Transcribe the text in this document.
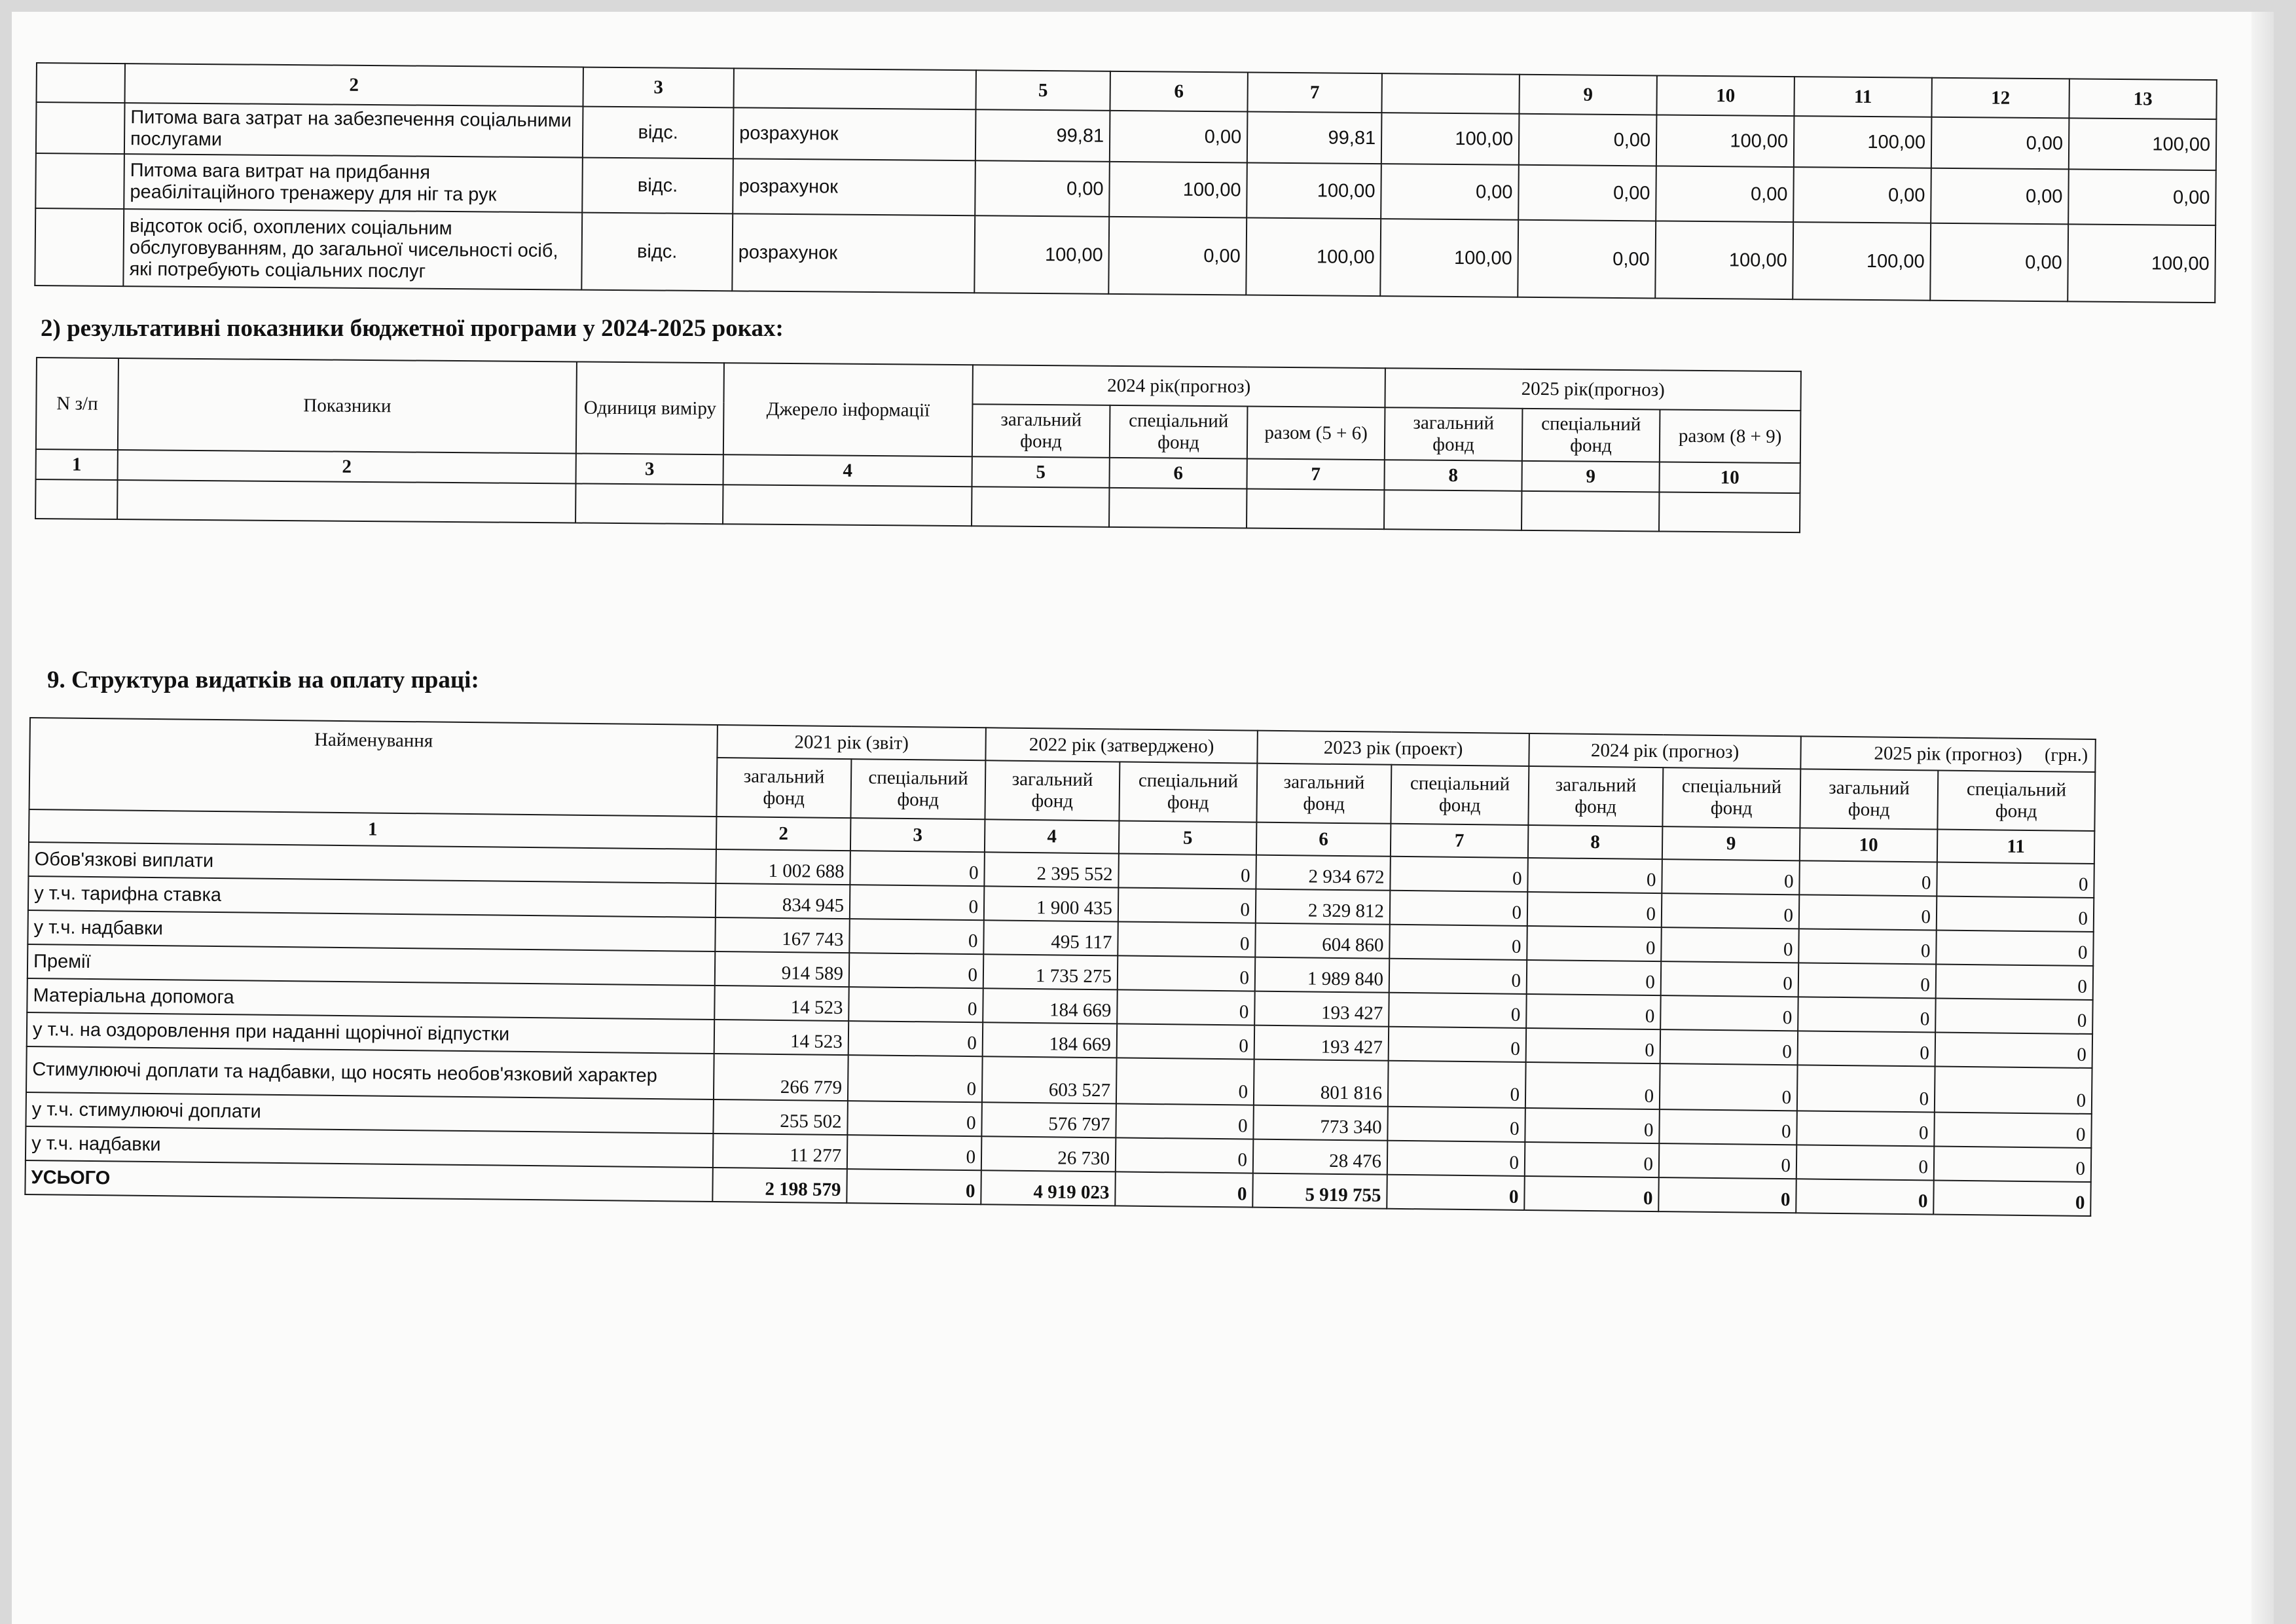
	2	3		5	6	7		9	10	11	12	13
	Питома вага затрат на забезпечення соціальними послугами	відс.	розрахунок	99,81	0,00	99,81	100,00	0,00	100,00	100,00	0,00	100,00
	Питома вага витрат на придбання реабілітаційного тренажеру для ніг та рук	відс.	розрахунок	0,00	100,00	100,00	0,00	0,00	0,00	0,00	0,00	0,00
	відсоток осіб, охоплених соціальним обслуговуванням, до загальної чисельності осіб, які потребують соціальних послуг	відс.	розрахунок	100,00	0,00	100,00	100,00	0,00	100,00	100,00	0,00	100,00
2) результативні показники бюджетної програми у 2024-2025 роках:
N з/п	Показники	Одиниця виміру	Джерело інформації	2024 рік(прогноз)			2025 рік(прогноз)		
				загальний фонд	спеціальний фонд	разом (5 + 6)	загальний фонд	спеціальний фонд	разом (8 + 9)
1	2	3	4	5	6	7	8	9	10

9. Структура видатків на оплату праці:
(грн.)
Найменування	2021 рік (звіт)		2022 рік (затверджено)		2023 рік (проект)		2024 рік (прогноз)		2025 рік (прогноз)	
	загальний фонд	спеціальний фонд	загальний фонд	спеціальний фонд	загальний фонд	спеціальний фонд	загальний фонд	спеціальний фонд	загальний фонд	спеціальний фонд
1	2	3	4	5	6	7	8	9	10	11
Обов'язкові виплати	1 002 688	0	2 395 552	0	2 934 672	0	0	0	0	0
у т.ч. тарифна ставка	834 945	0	1 900 435	0	2 329 812	0	0	0	0	0
у т.ч. надбавки	167 743	0	495 117	0	604 860	0	0	0	0	0
Премії	914 589	0	1 735 275	0	1 989 840	0	0	0	0	0
Матеріальна допомога	14 523	0	184 669	0	193 427	0	0	0	0	0
у т.ч. на оздоровлення при наданні щорічної відпустки	14 523	0	184 669	0	193 427	0	0	0	0	0
Стимулюючі доплати та надбавки, що носять необов'язковий характер	266 779	0	603 527	0	801 816	0	0	0	0	0
у т.ч. стимулюючі доплати	255 502	0	576 797	0	773 340	0	0	0	0	0
у т.ч. надбавки	11 277	0	26 730	0	28 476	0	0	0	0	0
УСЬОГО	2 198 579	0	4 919 023	0	5 919 755	0	0	0	0	0
